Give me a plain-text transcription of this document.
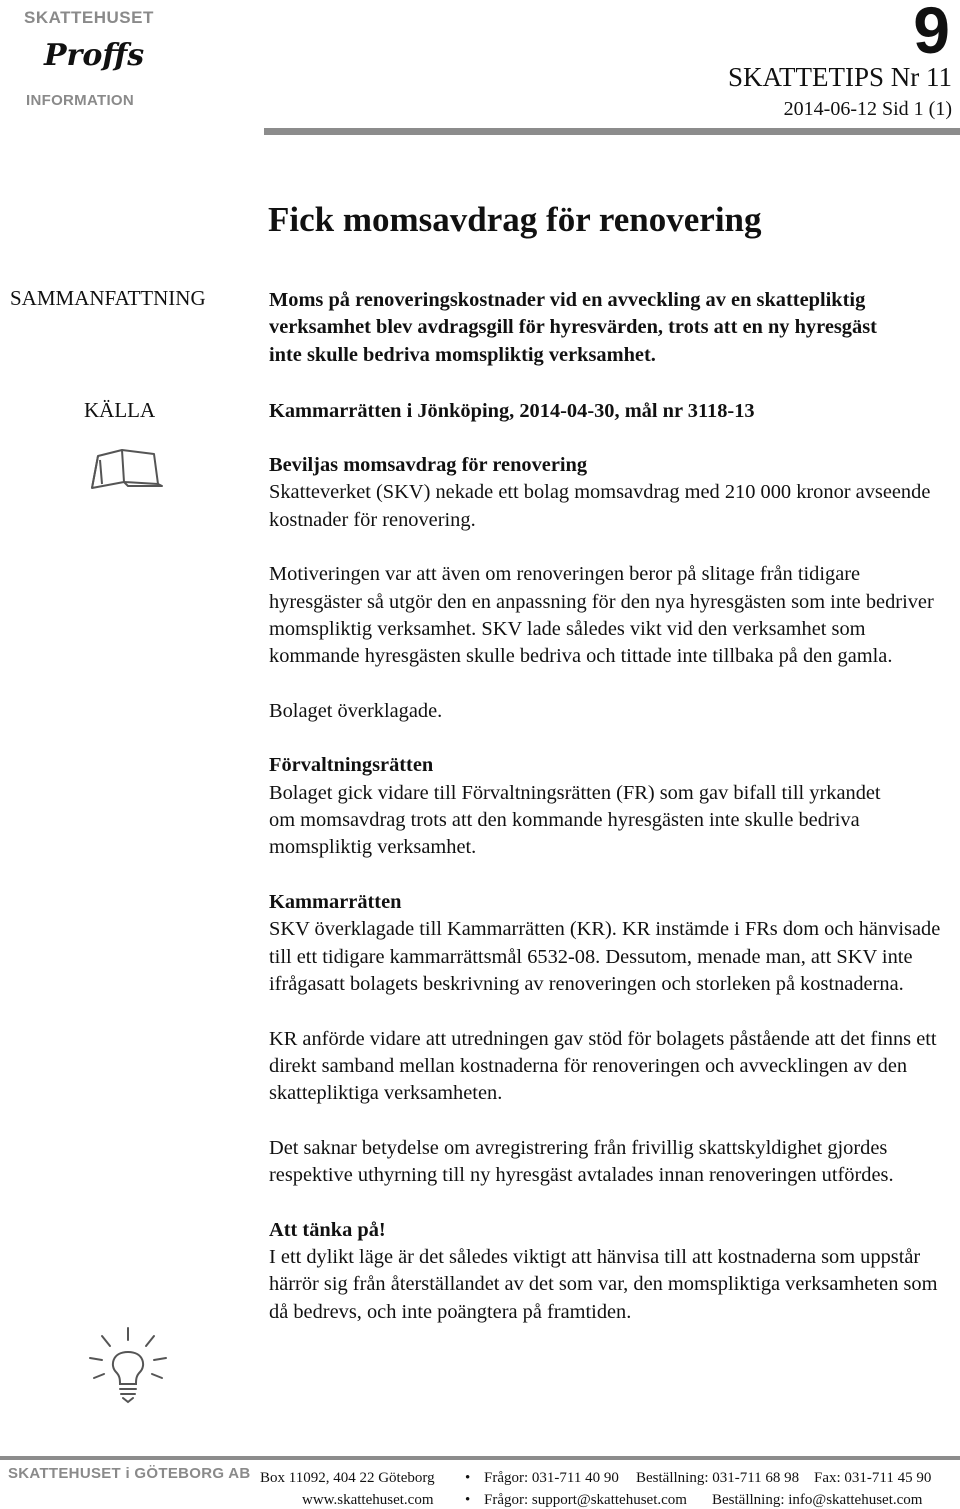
SKATTEHUSET
Proffs
INFORMATION
9
SKATTETIPS Nr 11
2014-06-12 Sid 1 (1)
Fick momsavdrag för renovering
SAMMANFATTNING
KÄLLA
Moms på renoveringskostnader vid en avveckling av en skattepliktig verksamhet blev avdragsgill för hyresvärden, trots att en ny hyresgäst inte skulle bedriva momspliktig verksamhet.
Kammarrätten i Jönköping, 2014-04-30, mål nr 3118-13

Beviljas momsavdrag för renovering

Skatteverket (SKV) nekade ett bolag momsavdrag med 210 000 kronor avseende kostnader för renovering.

Motiveringen var att även om renoveringen beror på slitage från tidigare hyresgäster så utgör den en anpassning för den nya hyresgästen som inte bedriver momspliktig verksamhet. SKV lade således vikt vid den verksamhet som kommande hyresgästen skulle bedriva och tittade inte tillbaka på den gamla.

Bolaget överklagade.

Förvaltningsrätten

Bolaget gick vidare till Förvaltningsrätten (FR) som gav bifall till yrkandet om momsavdrag trots att den kommande hyresgästen inte skulle bedriva momspliktig verksamhet.

Kammarrätten

SKV överklagade till Kammarrätten (KR). KR instämde i FRs dom och hänvisade till ett tidigare kammarrättsmål 6532-08. Dessutom, menade man, att SKV inte ifrågasatt bolagets beskrivning av renoveringen och storleken på kostnaderna.

KR anförde vidare att utredningen gav stöd för bolagets påstående att det finns ett direkt samband mellan kostnaderna för renoveringen och avvecklingen av den skattepliktiga verksamheten.

Det saknar betydelse om avregistrering från frivillig skattskyldighet gjordes respektive uthyrning till ny hyresgäst avtalades innan renoveringen utfördes.

Att tänka på!

I ett dylikt läge är det således viktigt att hänvisa till att kostnaderna som uppstår härrör sig från återställandet av det som var, den momspliktiga verksamheten som då bedrevs, och inte poängtera på framtiden.

SKATTEHUSET i GÖTEBORG AB Box 11092, 404 22 Göteborg
www.skattehuset.com
•
•
Frågor: 031-711 40 90 Beställning: 031-711 68 98 Fax: 031-711 45 90
Frågor: support@skattehuset.com Beställning: info@skattehuset.com
